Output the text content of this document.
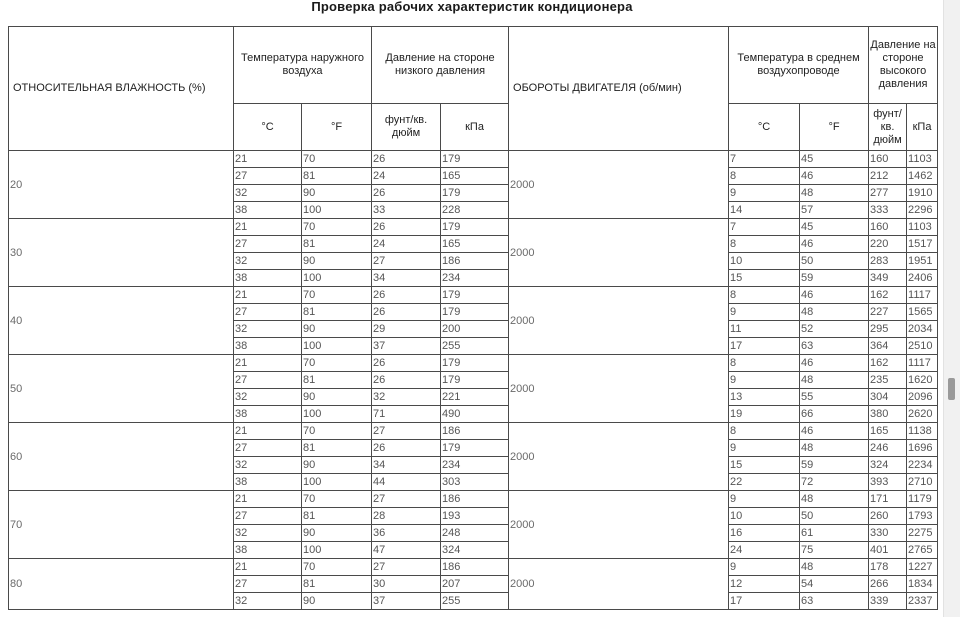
Проверка рабочих характеристик кондиционера
ОТНОСИТЕЛЬНАЯ ВЛАЖНОСТЬ (%)	Температура наружного воздуха		Давление на стороне низкого давления		ОБОРОТЫ ДВИГАТЕЛЯ (об/мин)	Температура в среднем воздухопроводе		Давление на стороне высокого давления	
	°C	°F	фунт/кв. дюйм	кПа		°C	°F	фунт/кв. дюйм	кПа
20	21	70	26	179	2000	7	45	160	1103
	27	81	24	165		8	46	212	1462
	32	90	26	179		9	48	277	1910
	38	100	33	228		14	57	333	2296
30	21	70	26	179	2000	7	45	160	1103
	27	81	24	165		8	46	220	1517
	32	90	27	186		10	50	283	1951
	38	100	34	234		15	59	349	2406
40	21	70	26	179	2000	8	46	162	1117
	27	81	26	179		9	48	227	1565
	32	90	29	200		11	52	295	2034
	38	100	37	255		17	63	364	2510
50	21	70	26	179	2000	8	46	162	1117
	27	81	26	179		9	48	235	1620
	32	90	32	221		13	55	304	2096
	38	100	71	490		19	66	380	2620
60	21	70	27	186	2000	8	46	165	1138
	27	81	26	179		9	48	246	1696
	32	90	34	234		15	59	324	2234
	38	100	44	303		22	72	393	2710
70	21	70	27	186	2000	9	48	171	1179
	27	81	28	193		10	50	260	1793
	32	90	36	248		16	61	330	2275
	38	100	47	324		24	75	401	2765
80	21	70	27	186	2000	9	48	178	1227
	27	81	30	207		12	54	266	1834
	32	90	37	255		17	63	339	2337
